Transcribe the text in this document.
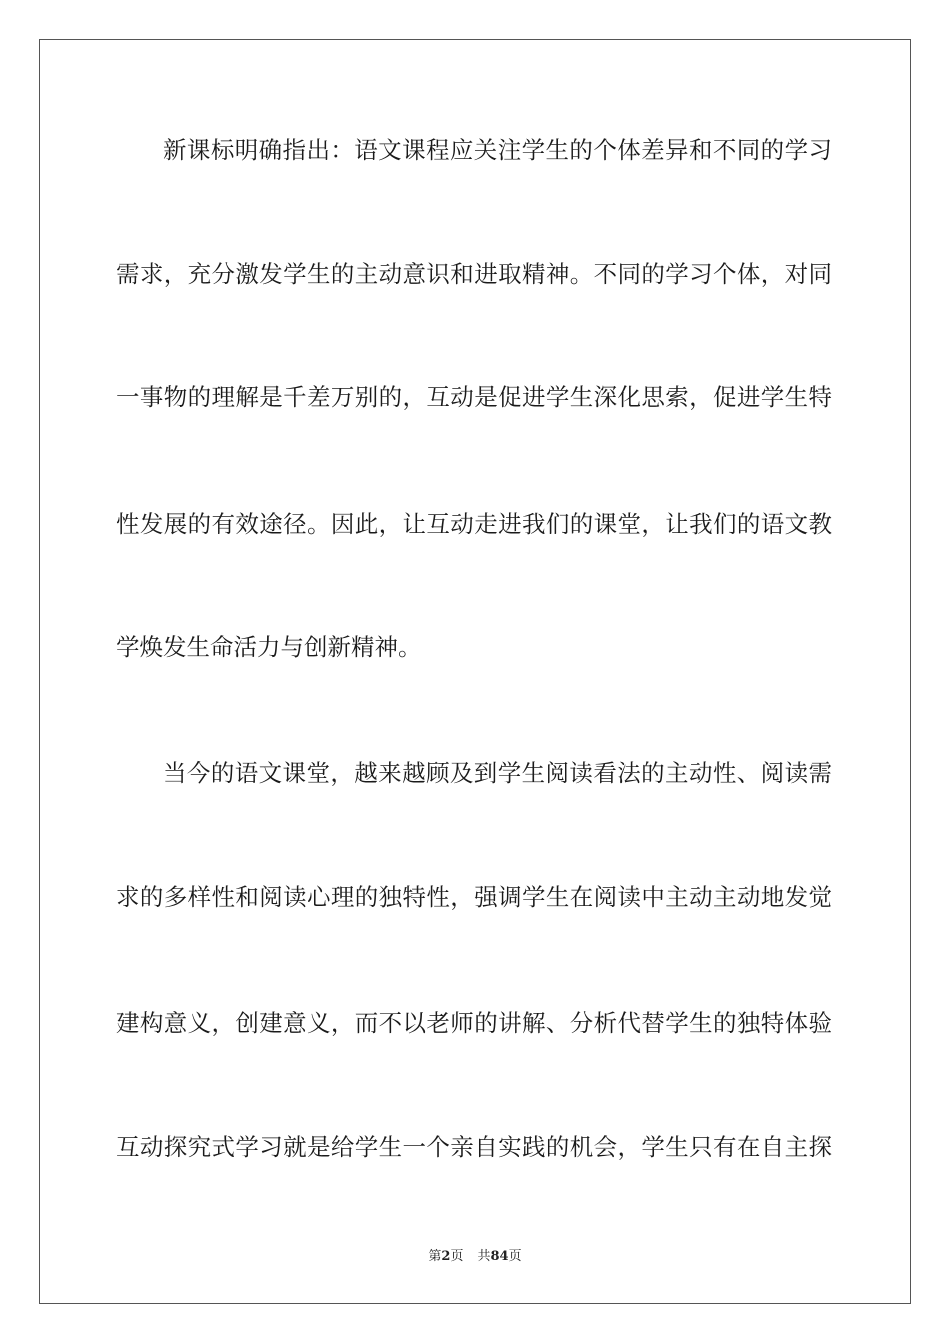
新课标明确指出：语文课程应关注学生的个体差异和不同的学习
需求，充分激发学生的主动意识和进取精神。不同的学习个体，对同
一事物的理解是千差万别的，互动是促进学生深化思索，促进学生特
性发展的有效途径。因此，让互动走进我们的课堂，让我们的语文教
学焕发生命活力与创新精神。
当今的语文课堂，越来越顾及到学生阅读看法的主动性、阅读需
求的多样性和阅读心理的独特性，强调学生在阅读中主动主动地发觉
建构意义，创建意义，而不以老师的讲解、分析代替学生的独特体验
互动探究式学习就是给学生一个亲自实践的机会，学生只有在自主探
第2页 共84页
